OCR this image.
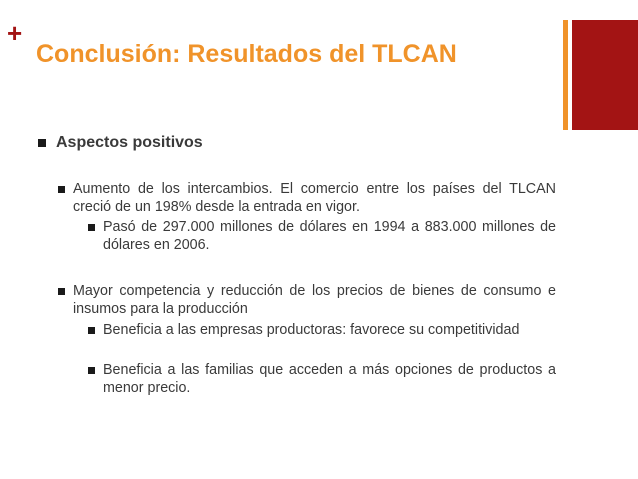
+
Conclusión: Resultados del TLCAN
Aspectos positivos
Aumento de los intercambios. El comercio entre los países del TLCAN creció de un 198% desde la entrada en vigor.
Pasó de 297.000 millones de dólares en 1994 a 883.000 millones de dólares en 2006.
Mayor competencia y reducción de los precios de bienes de consumo e insumos para la producción
Beneficia a las empresas productoras: favorece su competitividad
Beneficia a las familias que acceden a más opciones de productos a menor precio.
